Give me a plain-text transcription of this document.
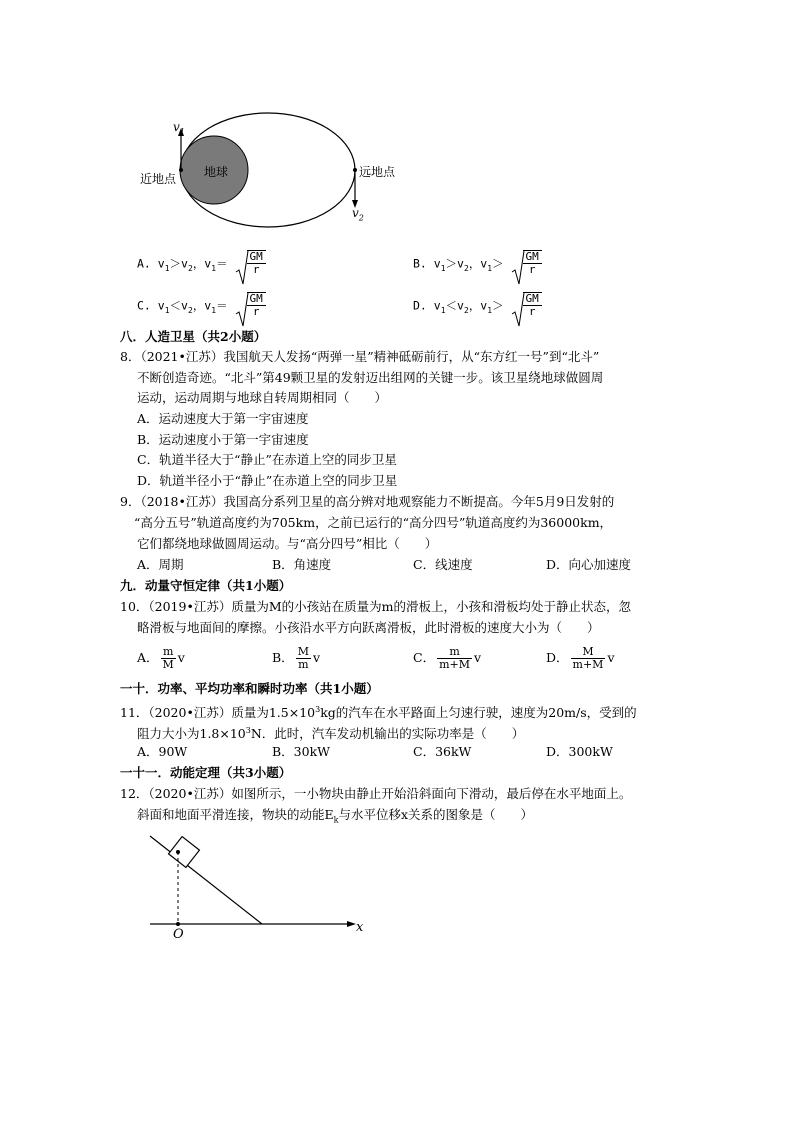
地球
近地点	远地点
$v_1$
$v_2$
A. $v_1>v_2$，$v_1= \frac{GM}{r}$	B. $v_1>v_2$，$v_1> \frac{GM}{r}$
C. $v_1<v_2$，$v_1= \frac{GM}{r}$	D. $v_1<v_2$，$v_1> \frac{GM}{r}$
八．人造卫星（共2小题）
8．（2021•江苏）我国航天人发扬“两弹一星”精神砥砺前行，从“东方红一号”到“北斗”
不断创造奇迹。“北斗”第49颗卫星的发射迈出组网的关键一步。该卫星绕地球做圆周
运动，运动周期与地球自转周期相同（　　）
A．运动速度大于第一宇宙速度
B．运动速度小于第一宇宙速度
C．轨道半径大于“静止”在赤道上空的同步卫星
D．轨道半径小于“静止”在赤道上空的同步卫星
9．（2018•江苏）我国高分系列卫星的高分辨对地观察能力不断提高。今年5月9日发射的
“高分五号”轨道高度约为705km，之前已运行的“高分四号”轨道高度约为36000km，
它们都绕地球做圆周运动。与“高分四号”相比（　　）
A．周期	B．角速度	C．线速度	D．向心加速度
九．动量守恒定律（共1小题）
10．（2019•江苏）质量为M的小孩站在质量为m的滑板上，小孩和滑板均处于静止状态，忽
略滑板与地面间的摩擦。小孩沿水平方向跃离滑板，此时滑板的速度大小为（　　）
A． $\frac{m}{M}$ v	B． $\frac{M}{m}$ v	C． $\frac{m}{m+M}$ v	D． $\frac{M}{m+M}$ v
一十．功率、平均功率和瞬时功率（共1小题）
11．（2020•江苏）质量为$1.5\times 10^3kg$的汽车在水平路面上匀速行驶，速度为20m/s，受到的
阻力大小为$1.8\times 10^3N$．此时，汽车发动机输出的实际功率是（　　）
A．90W	B．30kW	C．36kW	D．300kW
一十一．动能定理（共3小题）
12．（2020•江苏）如图所示，一小物块由静止开始沿斜面向下滑动，最后停在水平地面上。
斜面和地面平滑连接，物块的动能$E_k$与水平位移x关系的图象是（　　）
O	x
